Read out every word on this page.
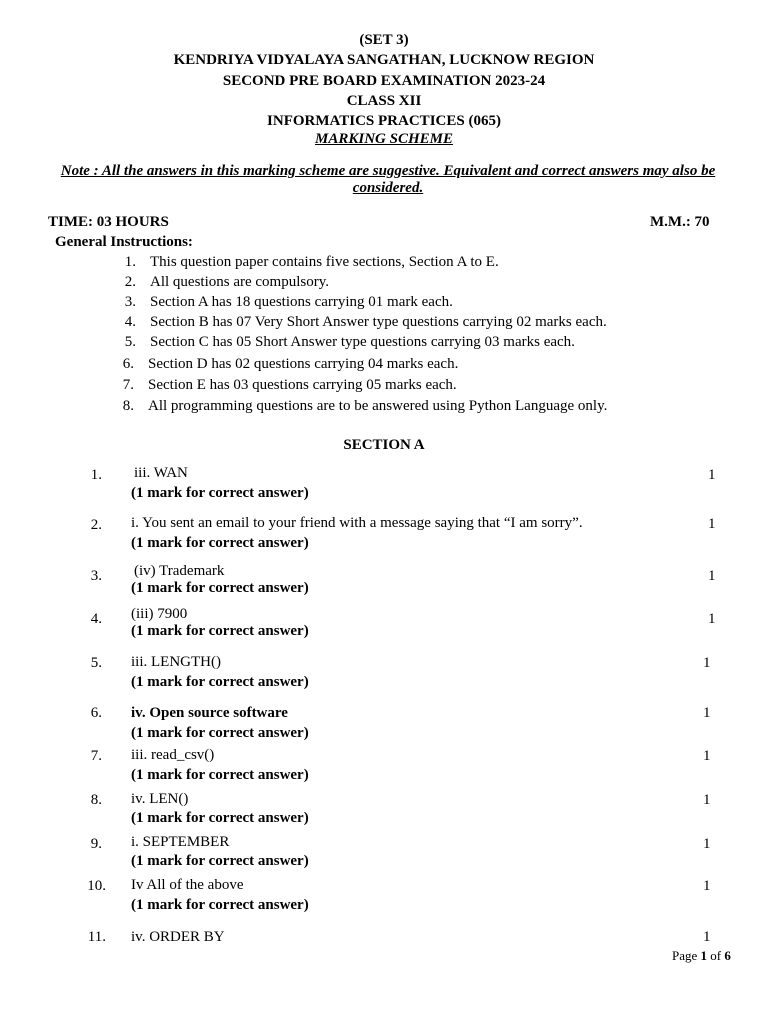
(SET 3)
KENDRIYA VIDYALAYA SANGATHAN, LUCKNOW REGION
SECOND PRE BOARD EXAMINATION 2023-24
CLASS XII
INFORMATICS PRACTICES (065)
MARKING SCHEME
Note : All the answers in this marking scheme are suggestive. Equivalent and correct answers may also be considered.
TIME: 03 HOURS	M.M.: 70
General Instructions:
1. This question paper contains five sections, Section A to E.
2. All questions are compulsory.
3. Section A has 18 questions carrying 01 mark each.
4. Section B has 07 Very Short Answer type questions carrying 02 marks each.
5. Section C has 05 Short Answer type questions carrying 03 marks each.
6. Section D has 02 questions carrying 04 marks each.
7. Section E has 03 questions carrying 05 marks each.
8. All programming questions are to be answered using Python Language only.
SECTION A
1. iii. WAN
(1 mark for correct answer)
1
2. i. You sent an email to your friend with a message saying that “I am sorry”.
(1 mark for correct answer)
1
3. (iv) Trademark
(1 mark for correct answer)
1
4. (iii) 7900
(1 mark for correct answer)
1
5. iii. LENGTH()
(1 mark for correct answer)
1
6. iv. Open source software
(1 mark for correct answer)
1
7. iii. read_csv()
(1 mark for correct answer)
1
8. iv. LEN()
(1 mark for correct answer)
1
9. i. SEPTEMBER
(1 mark for correct answer)
1
10. Iv All of the above
(1 mark for correct answer)
1
11. iv. ORDER BY	1
Page 1 of 6
